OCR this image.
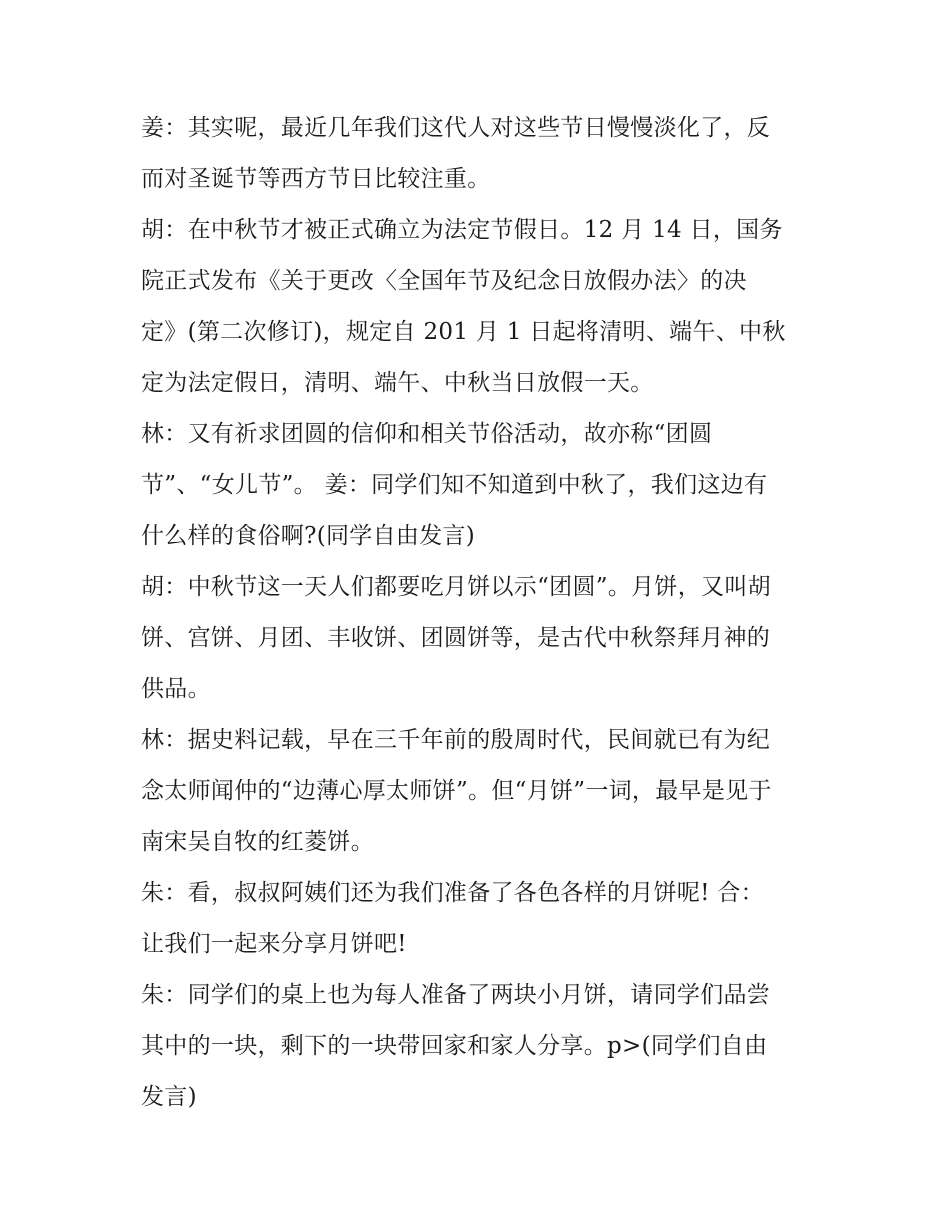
姜：其实呢，最近几年我们这代人对这些节日慢慢淡化了，反
而对圣诞节等西方节日比较注重。
胡：在中秋节才被正式确立为法定节假日。12 月 14 日，国务
院正式发布《关于更改〈全国年节及纪念日放假办法〉的决
定》(第二次修订)，规定自 201 月 1 日起将清明、端午、中秋
定为法定假日，清明、端午、中秋当日放假一天。
林：又有祈求团圆的信仰和相关节俗活动，故亦称“团圆
节”、“女儿节”。 姜：同学们知不知道到中秋了，我们这边有
什么样的食俗啊?(同学自由发言)
胡：中秋节这一天人们都要吃月饼以示“团圆”。月饼，又叫胡
饼、宫饼、月团、丰收饼、团圆饼等，是古代中秋祭拜月神的
供品。
林：据史料记载，早在三千年前的殷周时代，民间就已有为纪
念太师闻仲的“边薄心厚太师饼”。但“月饼”一词，最早是见于
南宋吴自牧的红菱饼。
朱：看，叔叔阿姨们还为我们准备了各色各样的月饼呢! 合：
让我们一起来分享月饼吧!
朱：同学们的桌上也为每人准备了两块小月饼，请同学们品尝
其中的一块，剩下的一块带回家和家人分享。p>(同学们自由
发言)
